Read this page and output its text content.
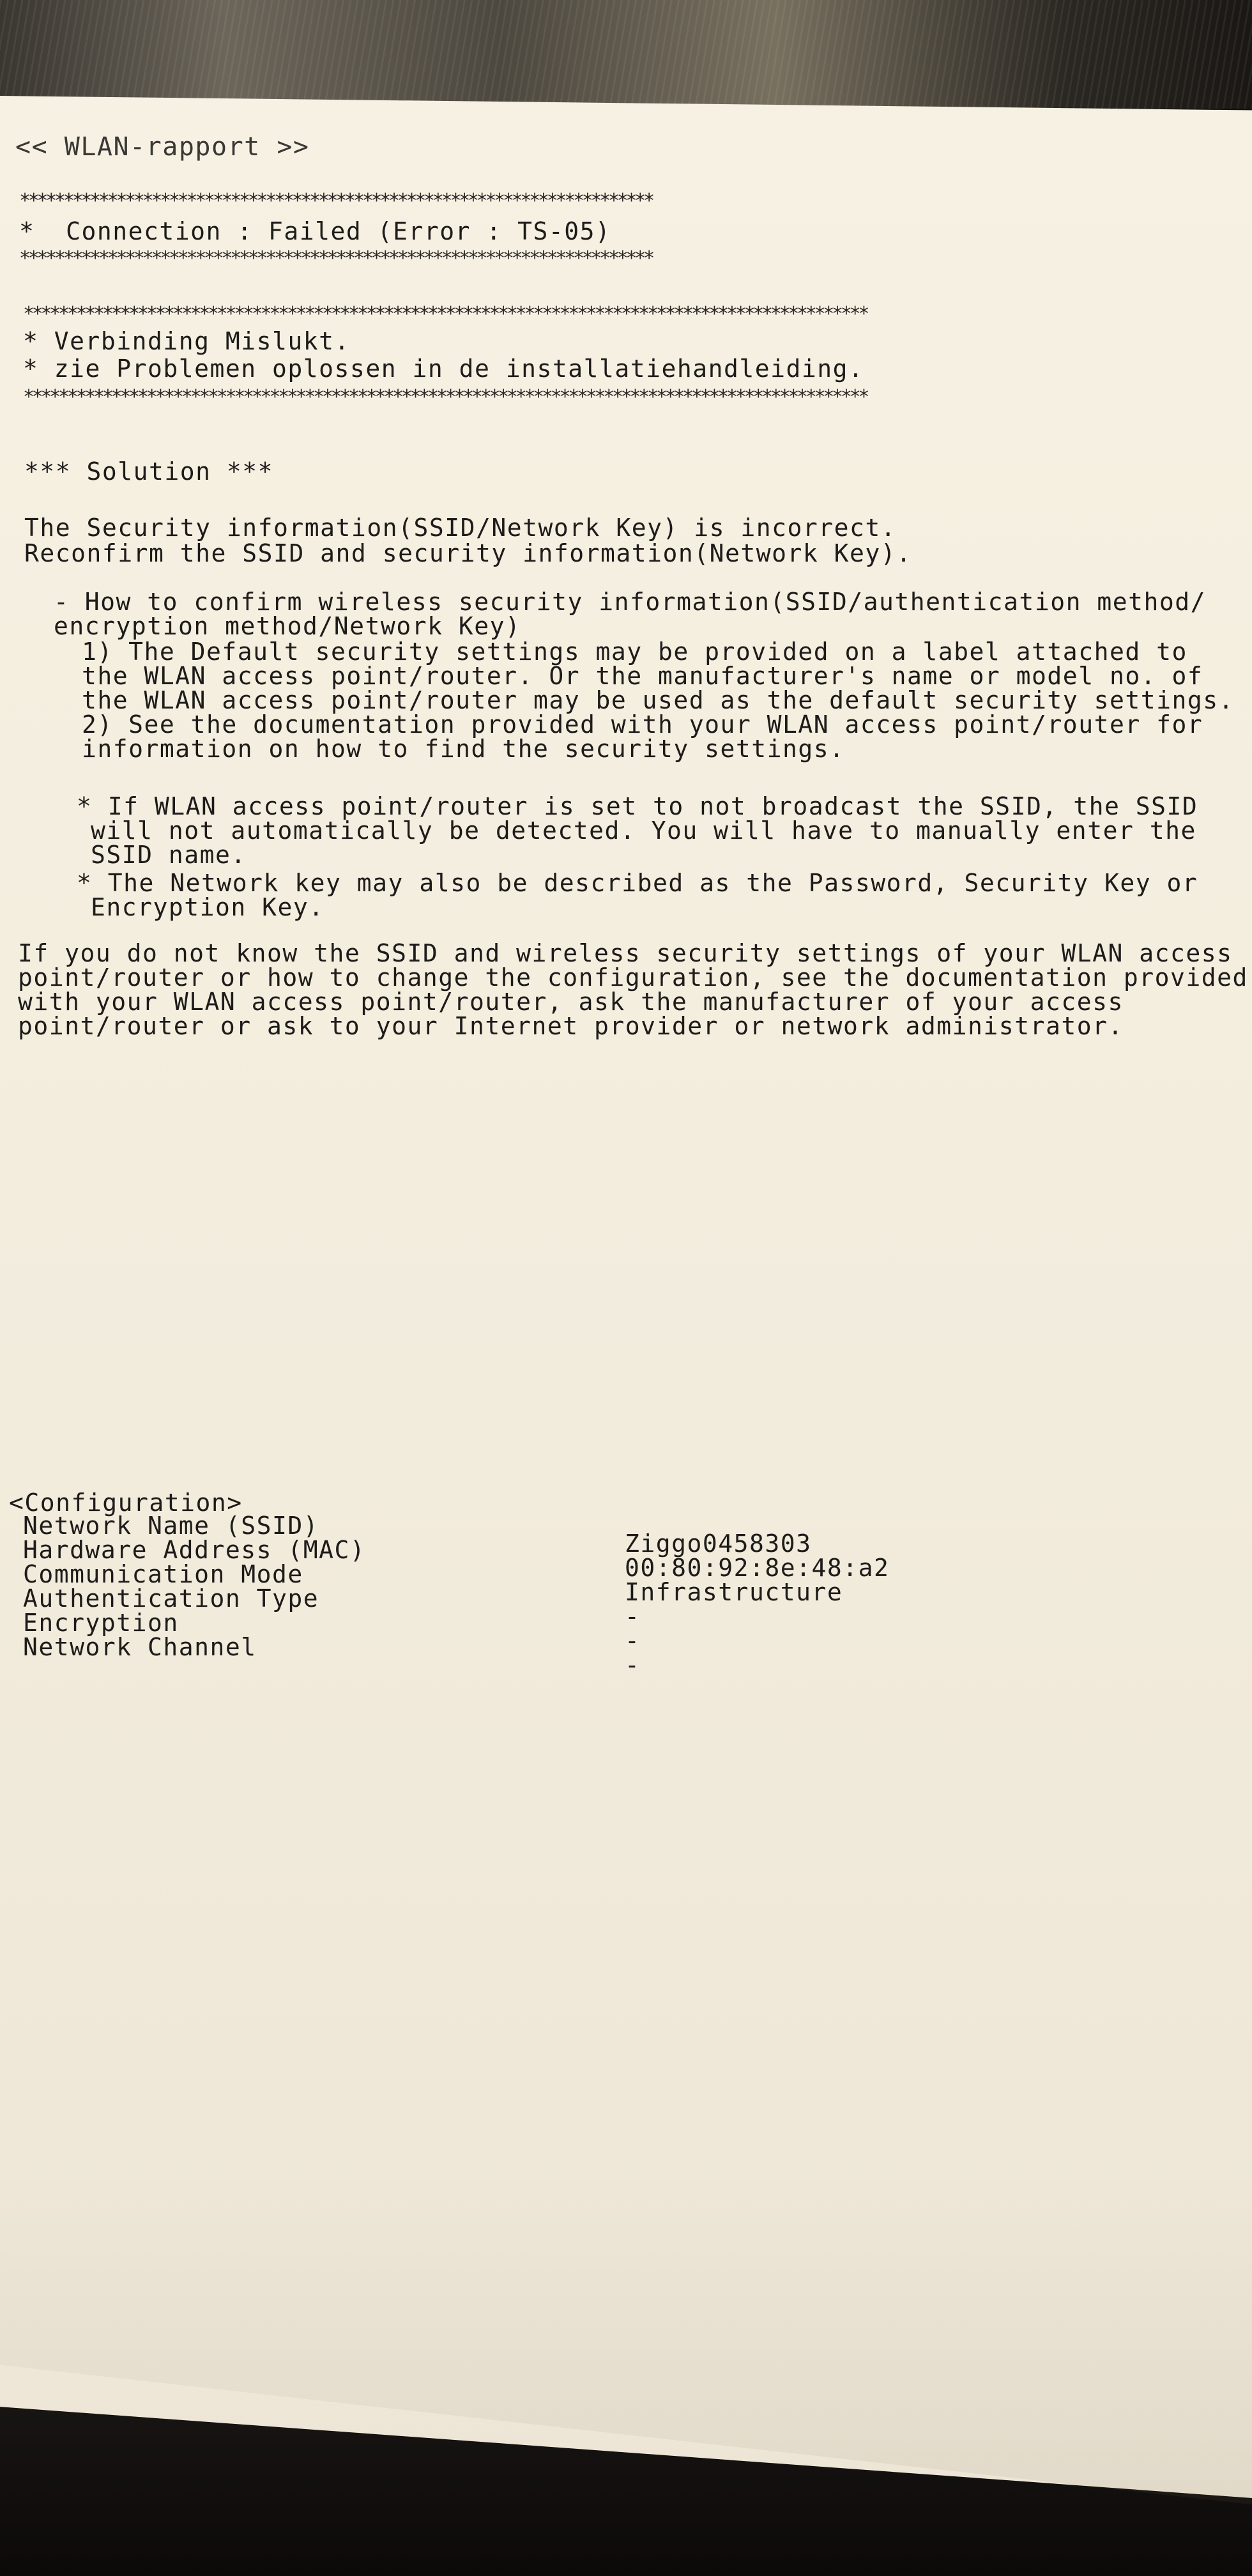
<< WLAN-rapport >>

************************************************************************

*  Connection : Failed (Error : TS-05)

************************************************************************

************************************************************************************************

* Verbinding Mislukt.

* zie Problemen oplossen in de installatiehandleiding.

************************************************************************************************

*** Solution ***

The Security information(SSID/Network Key) is incorrect.

Reconfirm the SSID and security information(Network Key).

- How to confirm wireless security information(SSID/authentication method/

encryption method/Network Key)

1) The Default security settings may be provided on a label attached to

the WLAN access point/router. Or the manufacturer's name or model no. of

the WLAN access point/router may be used as the default security settings.

2) See the documentation provided with your WLAN access point/router for

information on how to find the security settings.

* If WLAN access point/router is set to not broadcast the SSID, the SSID

will not automatically be detected. You will have to manually enter the

SSID name.

* The Network key may also be described as the Password, Security Key or

Encryption Key.

If you do not know the SSID and wireless security settings of your WLAN access

point/router or how to change the configuration, see the documentation provided

with your WLAN access point/router, ask the manufacturer of your access

point/router or ask to your Internet provider or network administrator.

<Configuration>

Network Name (SSID)

Hardware Address (MAC)

Communication Mode

Authentication Type

Encryption

Network Channel

Ziggo0458303

00:80:92:8e:48:a2

Infrastructure

-

-

-
